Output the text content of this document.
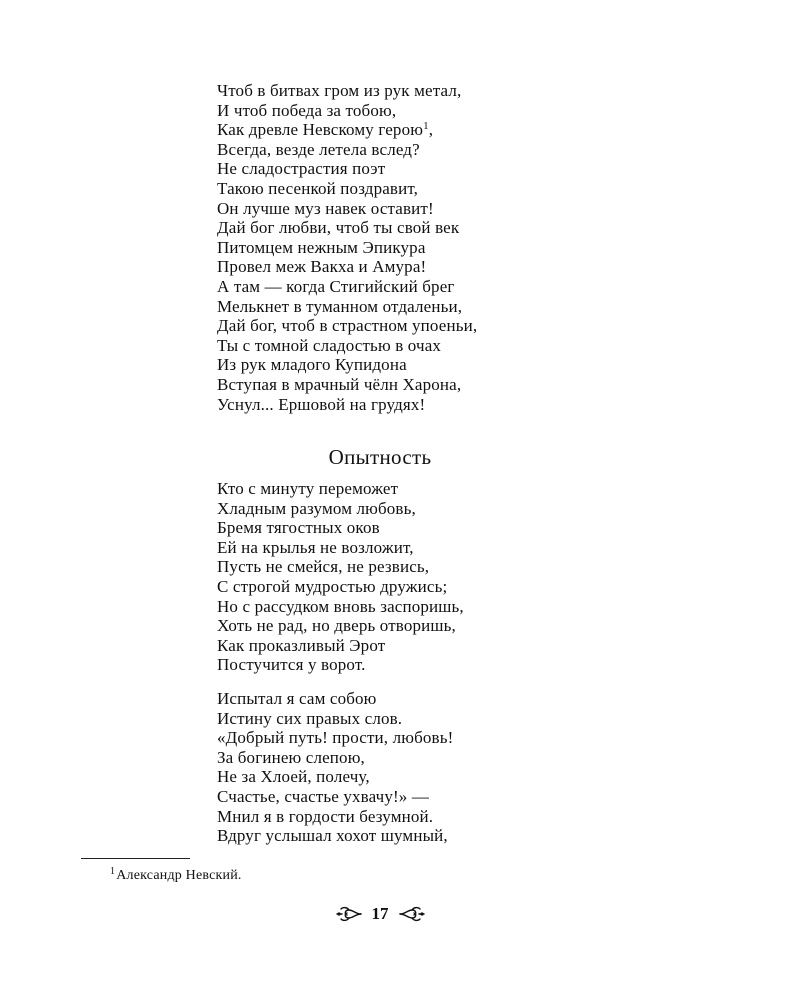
Чтоб в битвах гром из рук метал,
И чтоб победа за тобою,
Как древле Невскому герою$^1$,
Всегда, везде летела вслед?
Не сладострастия поэт
Такою песенкой поздравит,
Он лучше муз навек оставит!
Дай бог любви, чтоб ты свой век
Питомцем нежным Эпикура
Провел меж Вакха и Амура!
А там — когда Стигийский брег
Мелькнет в туманном отдаленьи,
Дай бог, чтоб в страстном упоеньи,
Ты с томной сладостью в очах
Из рук младого Купидона
Вступая в мрачный чёлн Харона,
Уснул... Ершовой на грудях!
Опытность
Кто с минуту переможет
Хладным разумом любовь,
Бремя тягостных оков
Ей на крылья не возложит,
Пусть не смейся, не резвись,
С строгой мудростью дружись;
Но с рассудком вновь заспоришь,
Хоть не рад, но дверь отворишь,
Как проказливый Эрот
Постучится у ворот.
Испытал я сам собою
Истину сих правых слов.
«Добрый путь! прости, любовь!
За богинею слепою,
Не за Хлоей, полечу,
Счастье, счастье ухвачу!» —
Мнил я в гордости безумной.
Вдруг услышал хохот шумный,
$^1$Александр Невский.
17
